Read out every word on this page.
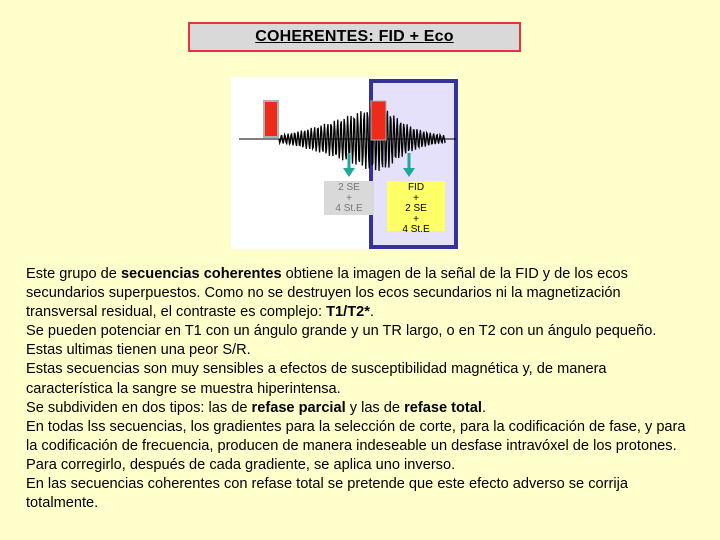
COHERENTES: FID + Eco
2 SE
+
4 St.E
FID
+
2 SE
+
4 St.E

Este grupo de secuencias coherentes obtiene la imagen de la señal de la FID y de los ecos secundarios superpuestos. Como no se destruyen los ecos secundarios ni la magnetización transversal residual, el contraste es complejo: T1/T2*.

Se pueden potenciar en T1 con un ángulo grande y un TR largo, o en T2 con un ángulo pequeño. Estas ultimas tienen una peor S/R.

Estas secuencias son muy sensibles a efectos de susceptibilidad magnética y, de manera característica la sangre se muestra hiperintensa.

Se subdividen en dos tipos: las de refase parcial y las de refase total.

En todas lss secuencias, los gradientes para la selección de corte, para la codificación de fase, y para la codificación de frecuencia, producen de manera indeseable un desfase intravóxel de los protones. Para corregirlo, después de cada gradiente, se aplica uno inverso.

En las secuencias coherentes con refase total se pretende que este efecto adverso se corrija totalmente.
